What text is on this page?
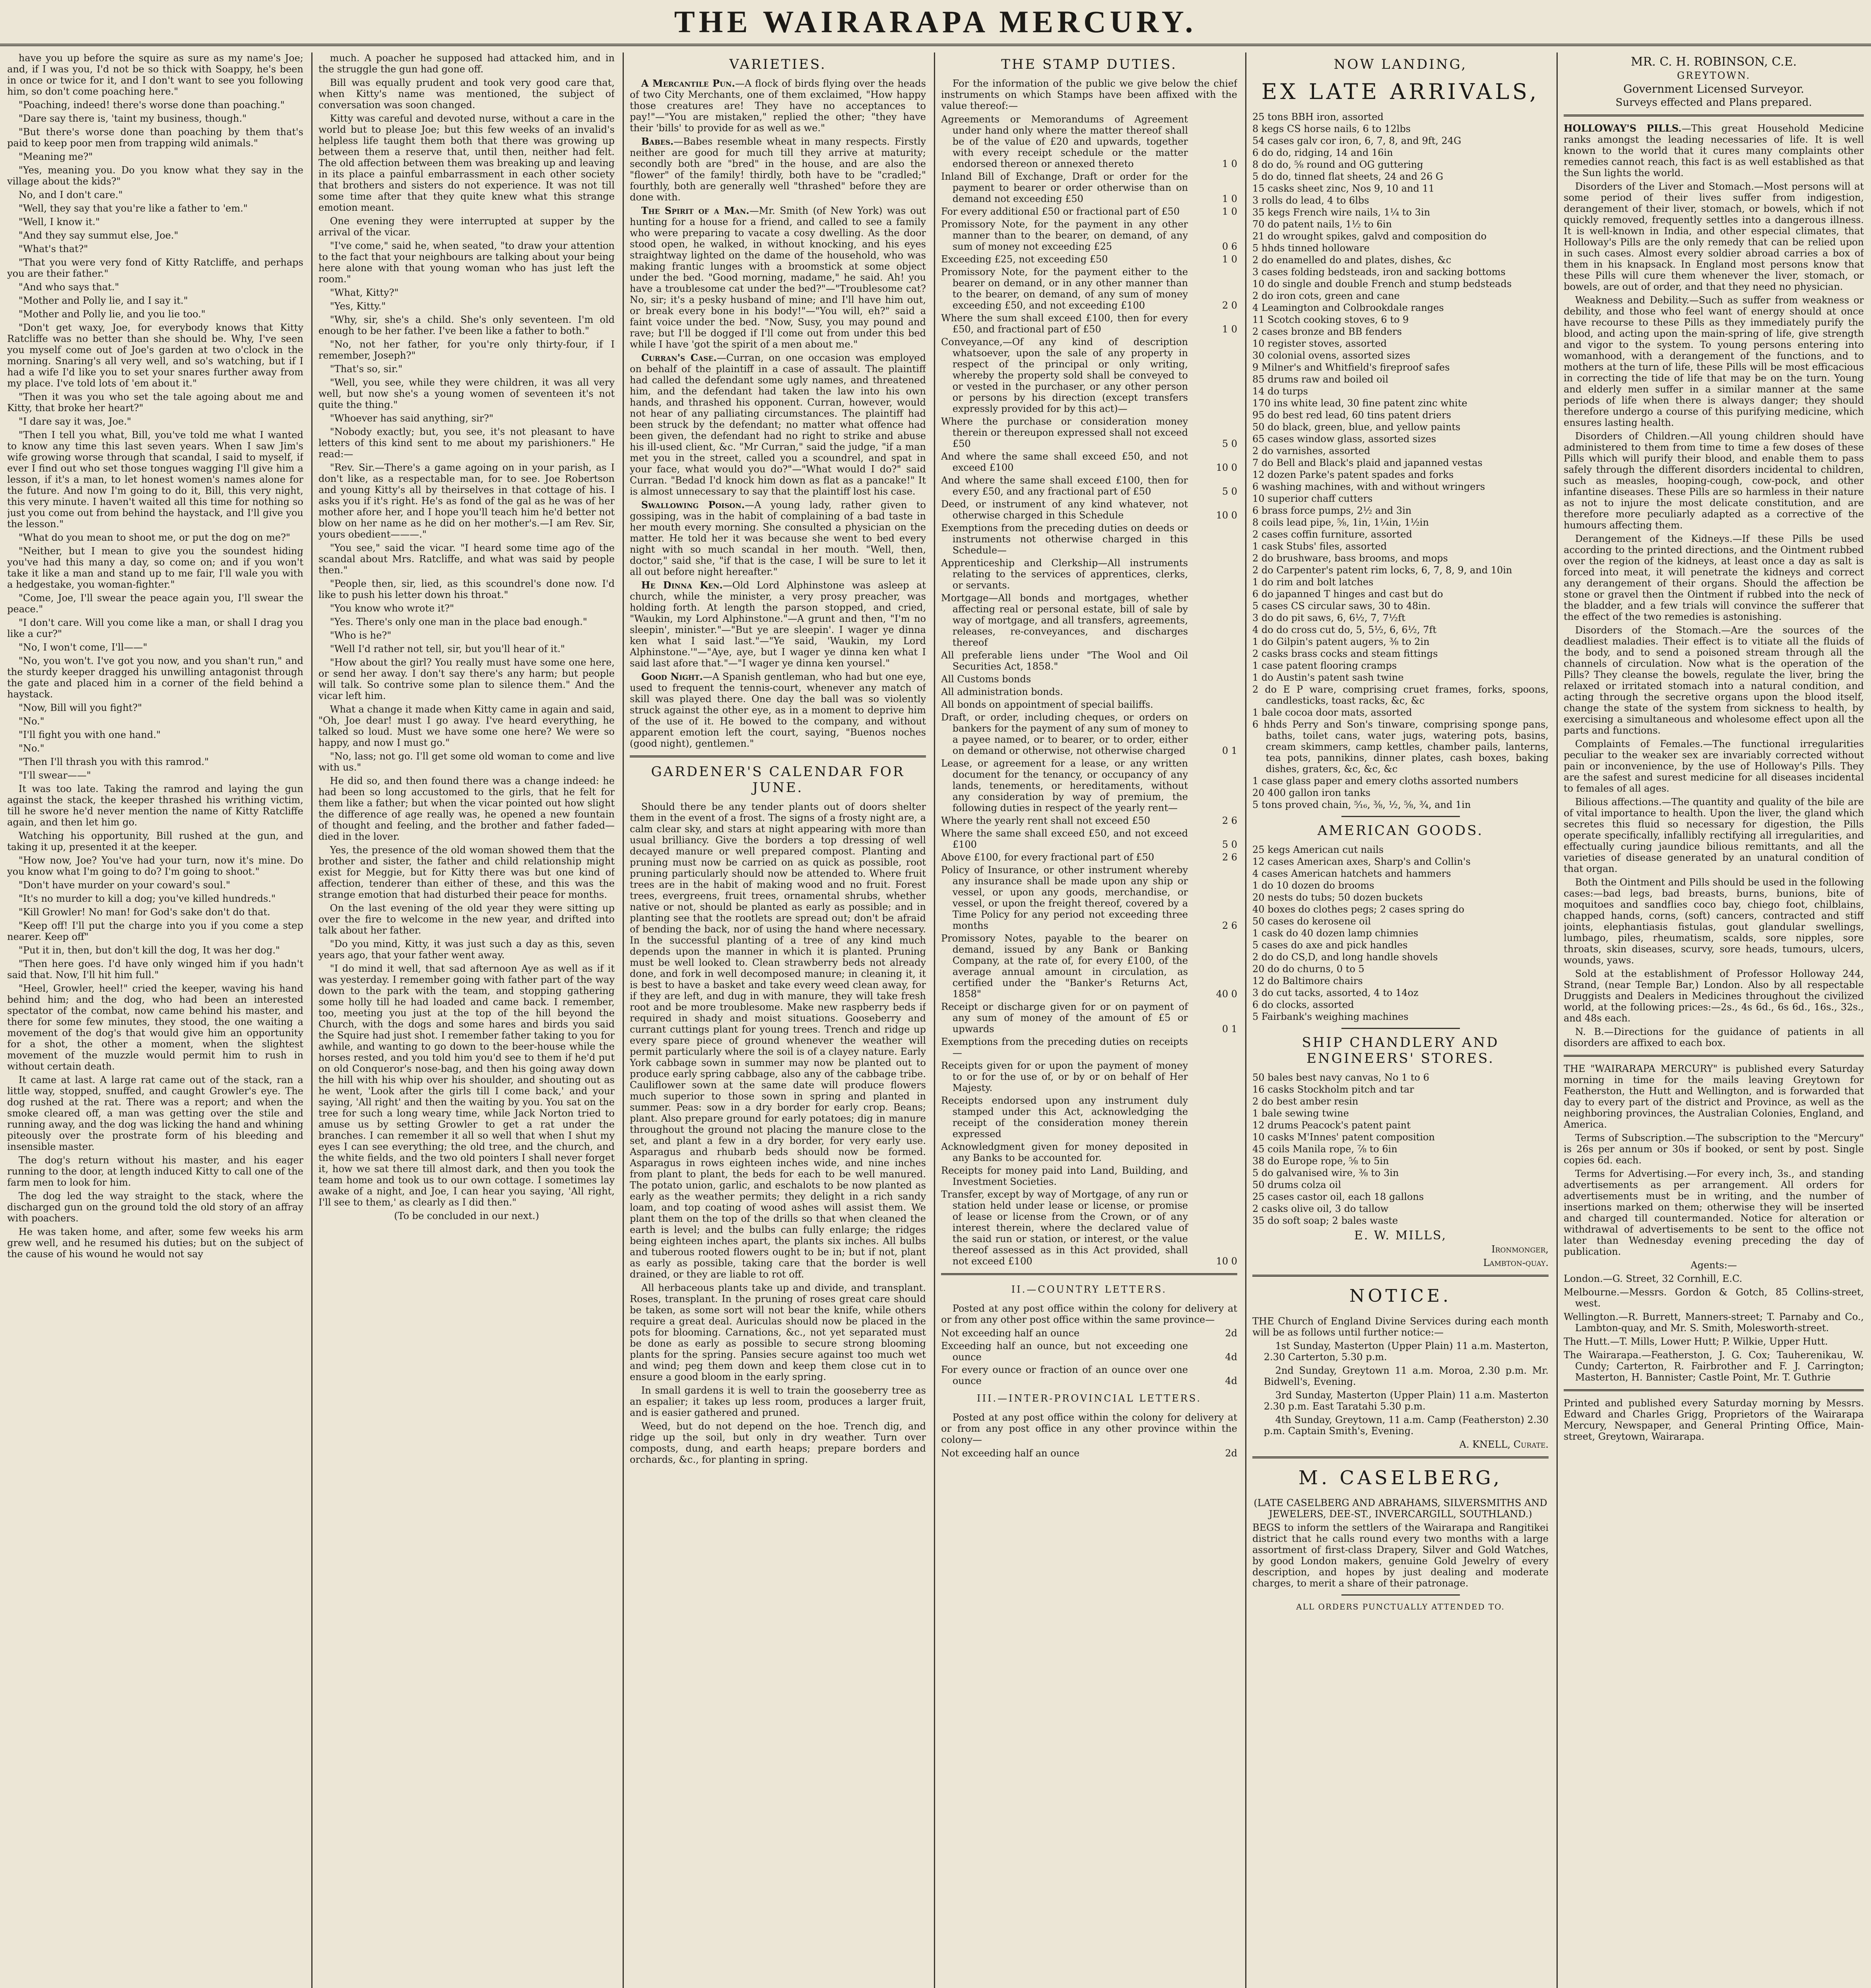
THE WAIRARAPA MERCURY.

have you up before the squire as sure as my name's Joe; and, if I was you, I'd not be so thick with Soappy, he's been in once or twice for it, and I don't want to see you following him, so don't come poaching here."

"Poaching, indeed! there's worse done than poaching."

"Dare say there is, 'taint my business, though."

"But there's worse done than poaching by them that's paid to keep poor men from trapping wild animals."

"Meaning me?"

"Yes, meaning you. Do you know what they say in the village about the kids?"

No, and I don't care."

"Well, they say that you're like a father to 'em."

"Well, I know it."

"And they say summut else, Joe."

"What's that?"

"That you were very fond of Kitty Ratcliffe, and perhaps you are their father."

"And who says that."

"Mother and Polly lie, and I say it."

"Mother and Polly lie, and you lie too."

"Don't get waxy, Joe, for everybody knows that Kitty Ratcliffe was no better than she should be. Why, I've seen you myself come out of Joe's garden at two o'clock in the morning. Snaring's all very well, and so's watching, but if I had a wife I'd like you to set your snares further away from my place. I've told lots of 'em about it."

"Then it was you who set the tale agoing about me and Kitty, that broke her heart?"

"I dare say it was, Joe."

"Then I tell you what, Bill, you've told me what I wanted to know any time this last seven years. When I saw Jim's wife growing worse through that scandal, I said to myself, if ever I find out who set those tongues wagging I'll give him a lesson, if it's a man, to let honest women's names alone for the future. And now I'm going to do it, Bill, this very night, this very minute. I haven't waited all this time for nothing so just you come out from behind the haystack, and I'll give you the lesson."

"What do you mean to shoot me, or put the dog on me?"

"Neither, but I mean to give you the soundest hiding you've had this many a day, so come on; and if you won't take it like a man and stand up to me fair, I'll wale you with a hedgestake, you woman-fighter."

"Come, Joe, I'll swear the peace again you, I'll swear the peace."

"I don't care. Will you come like a man, or shall I drag you like a cur?"

"No, I won't come, I'll——"

"No, you won't. I've got you now, and you shan't run," and the sturdy keeper dragged his unwilling antagonist through the gate and placed him in a corner of the field behind a haystack.

"Now, Bill will you fight?"

"No."

"I'll fight you with one hand."

"No."

"Then I'll thrash you with this ramrod."

"I'll swear——"

It was too late. Taking the ramrod and laying the gun against the stack, the keeper thrashed his writhing victim, till he swore he'd never mention the name of Kitty Ratcliffe again, and then let him go.

Watching his opportunity, Bill rushed at the gun, and taking it up, presented it at the keeper.

"How now, Joe? You've had your turn, now it's mine. Do you know what I'm going to do? I'm going to shoot."

"Don't have murder on your coward's soul."

"It's no murder to kill a dog; you've killed hundreds."

"Kill Growler! No man! for God's sake don't do that.

"Keep off! I'll put the charge into you if you come a step nearer. Keep off"

"Put it in, then, but don't kill the dog, It was her dog."

"Then here goes. I'd have only winged him if you hadn't said that. Now, I'll hit him full."

"Heel, Growler, heel!" cried the keeper, waving his hand behind him; and the dog, who had been an interested spectator of the combat, now came behind his master, and there for some few minutes, they stood, the one waiting a movement of the dog's that would give him an opportunity for a shot, the other a moment, when the slightest movement of the muzzle would permit him to rush in without certain death.

It came at last. A large rat came out of the stack, ran a little way, stopped, snuffed, and caught Growler's eye. The dog rushed at the rat. There was a report; and when the smoke cleared off, a man was getting over the stile and running away, and the dog was licking the hand and whining piteously over the prostrate form of his bleeding and insensible master.

The dog's return without his master, and his eager running to the door, at length induced Kitty to call one of the farm men to look for him.

The dog led the way straight to the stack, where the discharged gun on the ground told the old story of an affray with poachers.

He was taken home, and after, some few weeks his arm grew well, and he resumed his duties; but on the subject of the cause of his wound he would not say

much. A poacher he supposed had attacked him, and in the struggle the gun had gone off.

Bill was equally prudent and took very good care that, when Kitty's name was mentioned, the subject of conversation was soon changed.

Kitty was careful and devoted nurse, without a care in the world but to please Joe; but this few weeks of an invalid's helpless life taught them both that there was growing up between them a reserve that, until then, neither had felt. The old affection between them was breaking up and leaving in its place a painful embarrassment in each other society that brothers and sisters do not experience. It was not till some time after that they quite knew what this strange emotion meant.

One evening they were interrupted at supper by the arrival of the vicar.

"I've come," said he, when seated, "to draw your attention to the fact that your neighbours are talking about your being here alone with that young woman who has just left the room."

"What, Kitty?"

"Yes, Kitty."

"Why, sir, she's a child. She's only seventeen. I'm old enough to be her father. I've been like a father to both."

"No, not her father, for you're only thirty-four, if I remember, Joseph?"

"That's so, sir."

"Well, you see, while they were children, it was all very well, but now she's a young women of seventeen it's not quite the thing."

"Whoever has said anything, sir?"

"Nobody exactly; but, you see, it's not pleasant to have letters of this kind sent to me about my parishioners." He read:—

"Rev. Sir.—There's a game agoing on in your parish, as I don't like, as a respectable man, for to see. Joe Robertson and young Kitty's all by theirselves in that cottage of his. I asks you if it's right. He's as fond of the gal as he was of her mother afore her, and I hope you'll teach him he'd better not blow on her name as he did on her mother's.—I am Rev. Sir, yours obedient———."

"You see," said the vicar. "I heard some time ago of the scandal about Mrs. Ratcliffe, and what was said by people then."

"People then, sir, lied, as this scoundrel's done now. I'd like to push his letter down his throat."

"You know who wrote it?"

"Yes. There's only one man in the place bad enough."

"Who is he?"

"Well I'd rather not tell, sir, but you'll hear of it."

"How about the girl? You really must have some one here, or send her away. I don't say there's any harm; but people will talk. So contrive some plan to silence them." And the vicar left him.

What a change it made when Kitty came in again and said, "Oh, Joe dear! must I go away. I've heard everything, he talked so loud. Must we have some one here? We were so happy, and now I must go."

"No, lass; not go. I'll get some old woman to come and live with us."

He did so, and then found there was a change indeed: he had been so long accustomed to the girls, that he felt for them like a father; but when the vicar pointed out how slight the difference of age really was, he opened a new fountain of thought and feeling, and the brother and father faded—died in the lover.

Yes, the presence of the old woman showed them that the brother and sister, the father and child relationship might exist for Meggie, but for Kitty there was but one kind of affection, tenderer than either of these, and this was the strange emotion that had disturbed their peace for months.

On the last evening of the old year they were sitting up over the fire to welcome in the new year, and drifted into talk about her father.

"Do you mind, Kitty, it was just such a day as this, seven years ago, that your father went away.

"I do mind it well, that sad afternoon Aye as well as if it was yesterday. I remember going with father part of the way down to the park with the team, and stopping gathering some holly till he had loaded and came back. I remember, too, meeting you just at the top of the hill beyond the Church, with the dogs and some hares and birds you said the Squire had just shot. I remember father taking to you for awhile, and wanting to go down to the beer-house while the horses rested, and you told him you'd see to them if he'd put on old Conqueror's nose-bag, and then his going away down the hill with his whip over his shoulder, and shouting out as he went, 'Look after the girls till I come back,' and your saying, 'All right' and then the waiting by you. You sat on the tree for such a long weary time, while Jack Norton tried to amuse us by setting Growler to get a rat under the branches. I can remember it all so well that when I shut my eyes I can see everything; the old tree, and the church, and the white fields, and the two old pointers I shall never forget it, how we sat there till almost dark, and then you took the team home and took us to our own cottage. I sometimes lay awake of a night, and Joe, I can hear you saying, 'All right, I'll see to them,' as clearly as I did then."

(To be concluded in our next.)

VARIETIES.

A Mercantile Pun.—A flock of birds flying over the heads of two City Merchants, one of them exclaimed, "How happy those creatures are! They have no acceptances to pay!"—"You are mistaken," replied the other; "they have their 'bills' to provide for as well as we."

Babes.—Babes resemble wheat in many respects. Firstly neither are good for much till they arrive at maturity; secondly both are "bred" in the house, and are also the "flower" of the family! thirdly, both have to be "cradled;" fourthly, both are generally well "thrashed" before they are done with.

The Spirit of a Man.—Mr. Smith (of New York) was out hunting for a house for a friend, and called to see a family who were preparing to vacate a cosy dwelling. As the door stood open, he walked, in without knocking, and his eyes straightway lighted on the dame of the household, who was making frantic lunges with a broomstick at some object under the bed. "Good morning, madame," he said. Ah! you have a troublesome cat under the bed?"—"Troublesome cat? No, sir; it's a pesky husband of mine; and I'll have him out, or break every bone in his body!"—"You will, eh?" said a faint voice under the bed. "Now, Susy, you may pound and rave; but I'll be dogged if I'll come out from under this bed while I have 'got the spirit of a men about me."

Curran's Case.—Curran, on one occasion was employed on behalf of the plaintiff in a case of assault. The plaintiff had called the defendant some ugly names, and threatened him, and the defendant had taken the law into his own hands, and thrashed his opponent. Curran, however, would not hear of any palliating circumstances. The plaintiff had been struck by the defendant; no matter what offence had been given, the defendant had no right to strike and abuse his ill-used client, &c. "Mr Curran," said the judge, "if a man met you in the street, called you a scoundrel, and spat in your face, what would you do?"—"What would I do?" said Curran. "Bedad I'd knock him down as flat as a pancake!" It is almost unnecessary to say that the plaintiff lost his case.

Swallowing Poison.—A young lady, rather given to gossiping, was in the habit of complaining of a bad taste in her mouth every morning. She consulted a physician on the matter. He told her it was because she went to bed every night with so much scandal in her mouth. "Well, then, doctor," said she, "if that is the case, I will be sure to let it all out before night hereafter."

He Dinna Ken.—Old Lord Alphinstone was asleep at church, while the minister, a very prosy preacher, was holding forth. At length the parson stopped, and cried, "Waukin, my Lord Alphinstone."—A grunt and then, "I'm no sleepin', minister."—"But ye are sleepin'. I wager ye dinna ken what I said last."—"Ye said, 'Waukin, my Lord Alphinstone.'"—"Aye, aye, but I wager ye dinna ken what I said last afore that."—"I wager ye dinna ken yoursel."

Good Night.—A Spanish gentleman, who had but one eye, used to frequent the tennis-court, whenever any match of skill was played there. One day the ball was so violently struck against the other eye, as in a moment to deprive him of the use of it. He bowed to the company, and without apparent emotion left the court, saying, "Buenos noches (good night), gentlemen."

GARDENER'S CALENDAR FOR JUNE.

Should there be any tender plants out of doors shelter them in the event of a frost. The signs of a frosty night are, a calm clear sky, and stars at night appearing with more than usual brilliancy. Give the borders a top dressing of well decayed manure or well prepared compost. Planting and pruning must now be carried on as quick as possible, root pruning particularly should now be attended to. Where fruit trees are in the habit of making wood and no fruit. Forest trees, evergreens, fruit trees, ornamental shrubs, whether native or not, should be planted as early as possible; and in planting see that the rootlets are spread out; don't be afraid of bending the back, nor of using the hand where necessary. In the successful planting of a tree of any kind much depends upon the manner in which it is planted. Pruning must be well looked to. Clean strawberry beds not already done, and fork in well decomposed manure; in cleaning it, it is best to have a basket and take every weed clean away, for if they are left, and dug in with manure, they will take fresh root and be more troublesome. Make new raspberry beds if required in shady and moist situations. Gooseberry and currant cuttings plant for young trees. Trench and ridge up every spare piece of ground whenever the weather will permit particularly where the soil is of a clayey nature. Early York cabbage sown in summer may now be planted out to produce early spring cabbage, also any of the cabbage tribe. Cauliflower sown at the same date will produce flowers much superior to those sown in spring and planted in summer. Peas: sow in a dry border for early crop. Beans; plant. Also prepare ground for early potatoes; dig in manure throughout the ground not placing the manure close to the set, and plant a few in a dry border, for very early use. Asparagus and rhubarb beds should now be formed. Asparagus in rows eighteen inches wide, and nine inches from plant to plant, the beds for each to be well manured. The potato union, garlic, and eschalots to be now planted as early as the weather permits; they delight in a rich sandy loam, and top coating of wood ashes will assist them. We plant them on the top of the drills so that when cleaned the earth is level; and the bulbs can fully enlarge; the ridges being eighteen inches apart, the plants six inches. All bulbs and tuberous rooted flowers ought to be in; but if not, plant as early as possible, taking care that the border is well drained, or they are liable to rot off.

All herbaceous plants take up and divide, and transplant. Roses, transplant. In the pruning of roses great care should be taken, as some sort will not bear the knife, while others require a great deal. Auriculas should now be placed in the pots for blooming. Carnations, &c., not yet separated must be done as early as possible to secure strong blooming plants for the spring. Pansies secure against too much wet and wind; peg them down and keep them close cut in to ensure a good bloom in the early spring.

In small gardens it is well to train the gooseberry tree as an espalier; it takes up less room, produces a larger fruit, and is easier gathered and pruned.

Weed, but do not depend on the hoe. Trench dig, and ridge up the soil, but only in dry weather. Turn over composts, dung, and earth heaps; prepare borders and orchards, &c., for planting in spring.

THE STAMP DUTIES.

For the information of the public we give below the chief instruments on which Stamps have been affixed with the value thereof:—

Agreements or Memorandums of Agreement under hand only where the matter thereof shall be of the value of £20 and upwards, together with every receipt schedule or the matter endorsed thereon or annexed thereto	1 0
Inland Bill of Exchange, Draft or order for the payment to bearer or order otherwise than on demand not exceeding £50	1 0
For every additional £50 or fractional part of £50	1 0
Promissory Note, for the payment in any other manner than to the bearer, on demand, of any sum of money not exceeding £25	0 6
Exceeding £25, not exceeding £50	1 0
Promissory Note, for the payment either to the bearer on demand, or in any other manner than to the bearer, on demand, of any sum of money exceeding £50, and not exceeding £100	2 0
Where the sum shall exceed £100, then for every £50, and fractional part of £50	1 0
Conveyance,—Of any kind of description whatsoever, upon the sale of any property in respect of the principal or only writing, whereby the property sold shall be conveyed to or vested in the purchaser, or any other person or persons by his direction (except transfers expressly provided for by this act)—
Where the purchase or consideration money therein or thereupon expressed shall not exceed £50	5 0
And where the same shall exceed £50, and not exceed £100	10 0
And where the same shall exceed £100, then for every £50, and any fractional part of £50	5 0
Deed, or instrument of any kind whatever, not otherwise charged in this Schedule	10 0
Exemptions from the preceding duties on deeds or instruments not otherwise charged in this Schedule—
Apprenticeship and Clerkship—All instruments relating to the services of apprentices, clerks, or servants.
Mortgage—All bonds and mortgages, whether affecting real or personal estate, bill of sale by way of mortgage, and all transfers, agreements, releases, re-conveyances, and discharges thereof
All preferable liens under "The Wool and Oil Securities Act, 1858."
All Customs bonds
All administration bonds.
All bonds on appointment of special bailiffs.
Draft, or order, including cheques, or orders on bankers for the payment of any sum of money to a payee named, or to bearer, or to order, either on demand or otherwise, not otherwise charged	0 1
Lease, or agreement for a lease, or any written document for the tenancy, or occupancy of any lands, tenements, or hereditaments, without any consideration by way of premium, the following duties in respect of the yearly rent—
Where the yearly rent shall not exceed £50	2 6
Where the same shall exceed £50, and not exceed £100	5 0
Above £100, for every fractional part of £50	2 6
Policy of Insurance, or other instrument whereby any insurance shall be made upon any ship or vessel, or upon any goods, merchandise, or vessel, or upon the freight thereof, covered by a Time Policy for any period not exceeding three months	2 6
Promissory Notes, payable to the bearer on demand, issued by any Bank or Banking Company, at the rate of, for every £100, of the average annual amount in circulation, as certified under the "Banker's Returns Act, 1858"	40 0
Receipt or discharge given for or on payment of any sum of money of the amount of £5 or upwards	0 1
Exemptions from the preceding duties on receipts—
Receipts given for or upon the payment of money to or for the use of, or by or on behalf of Her Majesty.
Receipts endorsed upon any instrument duly stamped under this Act, acknowledging the receipt of the consideration money therein expressed
Acknowledgment given for money deposited in any Banks to be accounted for.
Receipts for money paid into Land, Building, and Investment Societies.
Transfer, except by way of Mortgage, of any run or station held under lease or license, or promise of lease or license from the Crown, or of any interest therein, where the declared value of the said run or station, or interest, or the value thereof assessed as in this Act provided, shall not exceed £100	10 0
II.—COUNTRY LETTERS.

Posted at any post office within the colony for delivery at or from any other post office within the same province—

Not exceeding half an ounce	2d
Exceeding half an ounce, but not exceeding one ounce	4d
For every ounce or fraction of an ounce over one ounce	4d
III.—INTER-PROVINCIAL LETTERS.

Posted at any post office within the colony for delivery at or from any post office in any other province within the colony—

Not exceeding half an ounce	2d
NOW LANDING,
EX LATE ARRIVALS,
25 tons BBH iron, assorted
8 kegs CS horse nails, 6 to 12lbs
54 cases galv cor iron, 6, 7, 8, and 9ft, 24G
6 do do, ridging, 14 and 16in
8 do do, ⅝ round and OG guttering
5 do do, tinned flat sheets, 24 and 26 G
15 casks sheet zinc, Nos 9, 10 and 11
3 rolls do lead, 4 to 6lbs
35 kegs French wire nails, 1¼ to 3in
70 do patent nails, 1½ to 6in
21 do wrought spikes, galvd and composition do
5 hhds tinned holloware
2 do enamelled do and plates, dishes, &c
3 cases folding bedsteads, iron and sacking bottoms
10 do single and double French and stump bedsteads
2 do iron cots, green and cane
4 Leamington and Colbrookdale ranges
11 Scotch cooking stoves, 6 to 9
2 cases bronze and BB fenders
10 register stoves, assorted
30 colonial ovens, assorted sizes
9 Milner's and Whitfield's fireproof safes
85 drums raw and boiled oil
14 do turps
170 ins white lead, 30 fine patent zinc white
95 do best red lead, 60 tins patent driers
50 do black, green, blue, and yellow paints
65 cases window glass, assorted sizes
2 do varnishes, assorted
7 do Bell and Black's plaid and japanned vestas
12 dozen Parke's patent spades and forks
6 washing machines, with and without wringers
10 superior chaff cutters
6 brass force pumps, 2½ and 3in
8 coils lead pipe, ⅝, 1in, 1¼in, 1½in
2 cases coffin furniture, assorted
1 cask Stubs' files, assorted
2 do brushware, bass brooms, and mops
2 do Carpenter's patent rim locks, 6, 7, 8, 9, and 10in
1 do rim and bolt latches
6 do japanned T hinges and cast but do
5 cases CS circular saws, 30 to 48in.
3 do do pit saws, 6, 6½, 7, 7½ft
4 do do cross cut do, 5, 5½, 6, 6½, 7ft
1 do Gilpin's patent augers, ⅜ to 2in
2 casks brass cocks and steam fittings
1 case patent flooring cramps
1 do Austin's patent sash twine
2 do E P ware, comprising cruet frames, forks, spoons, candlesticks, toast racks, &c, &c
1 bale cocoa door mats, assorted
6 hhds Perry and Son's tinware, comprising sponge pans, baths, toilet cans, water jugs, watering pots, basins, cream skimmers, camp kettles, chamber pails, lanterns, tea pots, pannikins, dinner plates, cash boxes, baking dishes, graters, &c, &c, &c
1 case glass paper and emery cloths assorted numbers
20 400 gallon iron tanks
5 tons proved chain, ⁵⁄₁₆, ⅜, ½, ⅝, ¾, and 1in
AMERICAN GOODS.
25 kegs American cut nails
12 cases American axes, Sharp's and Collin's
4 cases American hatchets and hammers
1 do 10 dozen do brooms
20 nests do tubs; 50 dozen buckets
40 boxes do clothes pegs; 2 cases spring do
50 cases do kerosene oil
1 cask do 40 dozen lamp chimnies
5 cases do axe and pick handles
2 do do CS,D, and long handle shovels
20 do do churns, 0 to 5
12 do Baltimore chairs
3 do cut tacks, assorted, 4 to 14oz
6 do clocks, assorted
5 Fairbank's weighing machines
SHIP CHANDLERY AND ENGINEERS' STORES.
50 bales best navy canvas, No 1 to 6
16 casks Stockholm pitch and tar
2 do best amber resin
1 bale sewing twine
12 drums Peacock's patent paint
10 casks M'Innes' patent composition
45 coils Manila rope, ⅞ to 6in
38 do Europe rope, ⅝ to 5in
5 do galvanised wire, ⅜ to 3in
50 drums colza oil
25 cases castor oil, each 18 gallons
2 casks olive oil, 3 do tallow
35 do soft soap; 2 bales waste

E. W. MILLS,

Ironmonger,

Lambton-quay.

NOTICE.

THE Church of England Divine Services during each month will be as follows until further notice:—

1st Sunday, Masterton (Upper Plain) 11 a.m. Masterton, 2.30 Carterton, 5.30 p.m.

2nd Sunday, Greytown 11 a.m. Moroa, 2.30 p.m. Mr. Bidwell's, Evening.

3rd Sunday, Masterton (Upper Plain) 11 a.m. Masterton 2.30 p.m. East Taratahi 5.30 p.m.

4th Sunday, Greytown, 11 a.m. Camp (Featherston) 2.30 p.m. Captain Smith's, Evening.

A. KNELL, Curate.

M. CASELBERG,

(LATE CASELBERG AND ABRAHAMS, SILVERSMITHS AND JEWELERS, DEE-ST., INVERCARGILL, SOUTHLAND.)

BEGS to inform the settlers of the Wairarapa and Rangitikei district that he calls round every two months with a large assortment of first-class Drapery, Silver and Gold Watches, by good London makers, genuine Gold Jewelry of every description, and hopes by just dealing and moderate charges, to merit a share of their patronage.

ALL ORDERS PUNCTUALLY ATTENDED TO.

MR. C. H. ROBINSON, C.E.

GREYTOWN.

Government Licensed Surveyor.

Surveys effected and Plans prepared.

HOLLOWAY'S PILLS.—This great Household Medicine ranks amongst the leading necessaries of life. It is well known to the world that it cures many complaints other remedies cannot reach, this fact is as well established as that the Sun lights the world.

Disorders of the Liver and Stomach.—Most persons will at some period of their lives suffer from indigestion, derangement of their liver, stomach, or bowels, which if not quickly removed, frequently settles into a dangerous illness. It is well-known in India, and other especial climates, that Holloway's Pills are the only remedy that can be relied upon in such cases. Almost every soldier abroad carries a box of them in his knapsack. In England most persons know that these Pills will cure them whenever the liver, stomach, or bowels, are out of order, and that they need no physician.

Weakness and Debility.—Such as suffer from weakness or debility, and those who feel want of energy should at once have recourse to these Pills as they immediately purify the blood, and acting upon the main-spring of life, give strength and vigor to the system. To young persons entering into womanhood, with a derangement of the functions, and to mothers at the turn of life, these Pills will be most efficacious in correcting the tide of life that may be on the turn. Young and elderly men suffer in a similar manner at the same periods of life when there is always danger; they should therefore undergo a course of this purifying medicine, which ensures lasting health.

Disorders of Children.—All young children should have administered to them from time to time a few doses of these Pills which will purify their blood, and enable them to pass safely through the different disorders incidental to children, such as measles, hooping-cough, cow-pock, and other infantine diseases. These Pills are so harmless in their nature as not to injure the most delicate constitution, and are therefore more peculiarly adapted as a corrective of the humours affecting them.

Derangement of the Kidneys.—If these Pills be used according to the printed directions, and the Ointment rubbed over the region of the kidneys, at least once a day as salt is forced into meat, it will penetrate the kidneys and correct any derangement of their organs. Should the affection be stone or gravel then the Ointment if rubbed into the neck of the bladder, and a few trials will convince the sufferer that the effect of the two remedies is astonishing.

Disorders of the Stomach.—Are the sources of the deadliest maladies. Their effect is to vitiate all the fluids of the body, and to send a poisoned stream through all the channels of circulation. Now what is the operation of the Pills? They cleanse the bowels, regulate the liver, bring the relaxed or irritated stomach into a natural condition, and acting through the secretive organs upon the blood itself, change the state of the system from sickness to health, by exercising a simultaneous and wholesome effect upon all the parts and functions.

Complaints of Females.—The functional irregularities peculiar to the weaker sex are invariably corrected without pain or inconvenience, by the use of Holloway's Pills. They are the safest and surest medicine for all diseases incidental to females of all ages.

Bilious affections.—The quantity and quality of the bile are of vital importance to health. Upon the liver, the gland which secretes this fluid so necessary for digestion, the Pills operate specifically, infallibly rectifying all irregularities, and effectually curing jaundice bilious remittants, and all the varieties of disease generated by an unatural condition of that organ.

Both the Ointment and Pills should be used in the following cases:—bad legs, bad breasts, burns, bunions, bite of moquitoes and sandflies coco bay, chiego foot, chilblains, chapped hands, corns, (soft) cancers, contracted and stiff joints, elephantiasis fistulas, gout glandular swellings, lumbago, piles, rheumatism, scalds, sore nipples, sore throats, skin diseases, scurvy, sore heads, tumours, ulcers, wounds, yaws.

Sold at the establishment of Professor Holloway 244, Strand, (near Temple Bar,) London. Also by all respectable Druggists and Dealers in Medicines throughout the civilized world, at the following prices:—2s., 4s 6d., 6s 6d., 16s., 32s., and 48s each.

N. B.—Directions for the guidance of patients in all disorders are affixed to each box.

THE "WAIRARAPA MERCURY" is published every Saturday morning in time for the mails leaving Greytown for Featherston, the Hutt and Wellington, and is forwarded that day to every part of the district and Province, as well as the neighboring provinces, the Australian Colonies, England, and America.

Terms of Subscription.—The subscription to the "Mercury" is 26s per annum or 30s if booked, or sent by post. Single copies 6d. each.

Terms for Advertising.—For every inch, 3s., and standing advertisements as per arrangement. All orders for advertisements must be in writing, and the number of insertions marked on them; otherwise they will be inserted and charged till countermanded. Notice for alteration or withdrawal of advertisements to be sent to the office not later than Wednesday evening preceding the day of publication.

Agents:—

London.—G. Street, 32 Cornhill, E.C.

Melbourne.—Messrs. Gordon & Gotch, 85 Collins-street, west.

Wellington.—R. Burrett, Manners-street; T. Parnaby and Co., Lambton-quay, and Mr. S. Smith, Molesworth-street.

The Hutt.—T. Mills, Lower Hutt; P. Wilkie, Upper Hutt.

The Wairarapa.—Featherston, J. G. Cox; Tauherenikau, W. Cundy; Carterton, R. Fairbrother and F. J. Carrington; Masterton, H. Bannister; Castle Point, Mr. T. Guthrie

Printed and published every Saturday morning by Messrs. Edward and Charles Grigg, Proprietors of the Wairarapa Mercury, Newspaper, and General Printing Office, Main-street, Greytown, Wairarapa.
